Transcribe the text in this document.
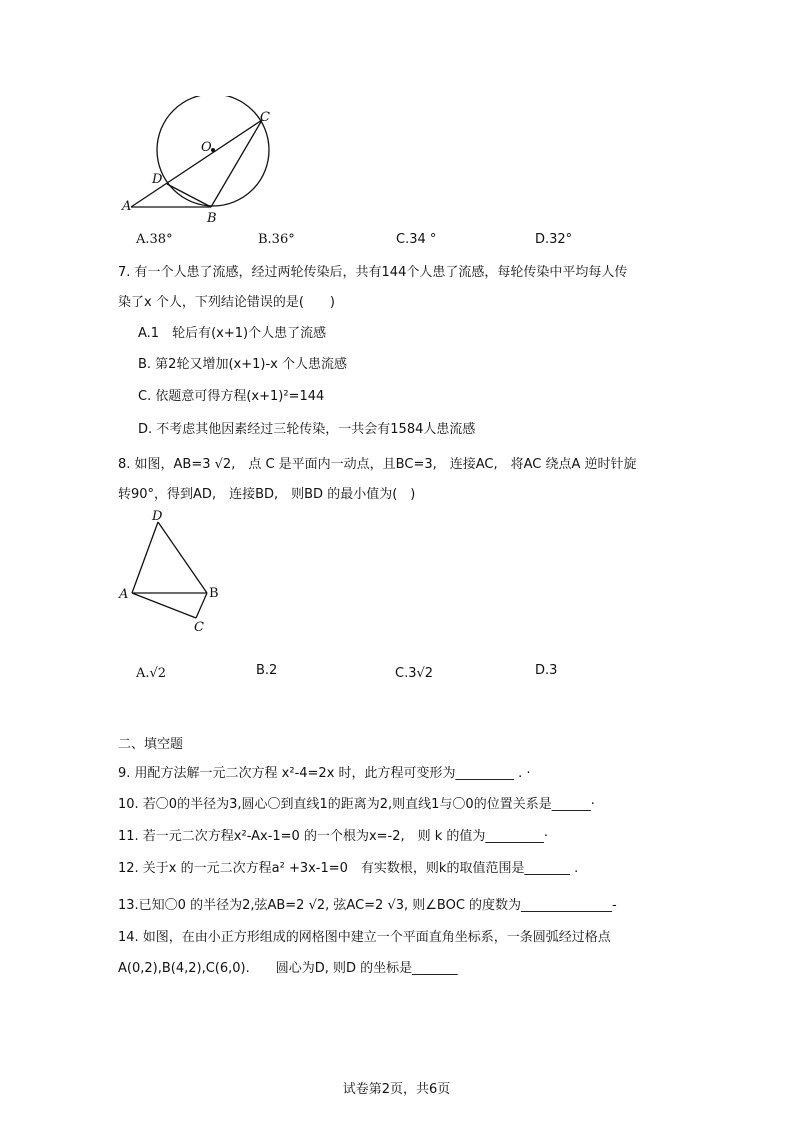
A
B
C
D
O
A.38°	B.36°	C.34 °	D.32°
7. 有一个人患了流感，经过两轮传染后，共有144个人患了流感，每轮传染中平均每人传
染了x 个人，下列结论错误的是(　　)
A.1　轮后有(x+1)个人患了流感
B. 第2轮又增加(x+1)-x 个人患流感
C. 依题意可得方程(x+1)²=144
D. 不考虑其他因素经过三轮传染，一共会有1584人患流感
8. 如图，AB=3 √2,　点 C 是平面内一动点，且BC=3,　连接AC,　将AC 绕点A 逆时针旋
转90°，得到AD,　连接BD,　则BD 的最小值为(　)
D
A	B
C
A.√2	B.2	C.3√2	D.3
二、填空题
9. 用配方法解一元二次方程 x²-4=2x 时，此方程可变形为_________ . ·
10. 若〇0的半径为3,圆心〇到直线1的距离为2,则直线1与〇0的位置关系是______·
11. 若一元二次方程x²-Ax-1=0 的一个根为x=-2,　则 k 的值为_________·
12. 关于x 的一元二次方程a² +3x-1=0　有实数根，则k的取值范围是_______ .
13.已知〇0 的半径为2,弦AB=2 √2, 弦AC=2 √3, 则∠BOC 的度数为______________-
14. 如图，在由小正方形组成的网格图中建立一个平面直角坐标系，一条圆弧经过格点
A(0,2),B(4,2),C(6,0).　　圆心为D, 则D 的坐标是_______
试卷第2页，共6页
